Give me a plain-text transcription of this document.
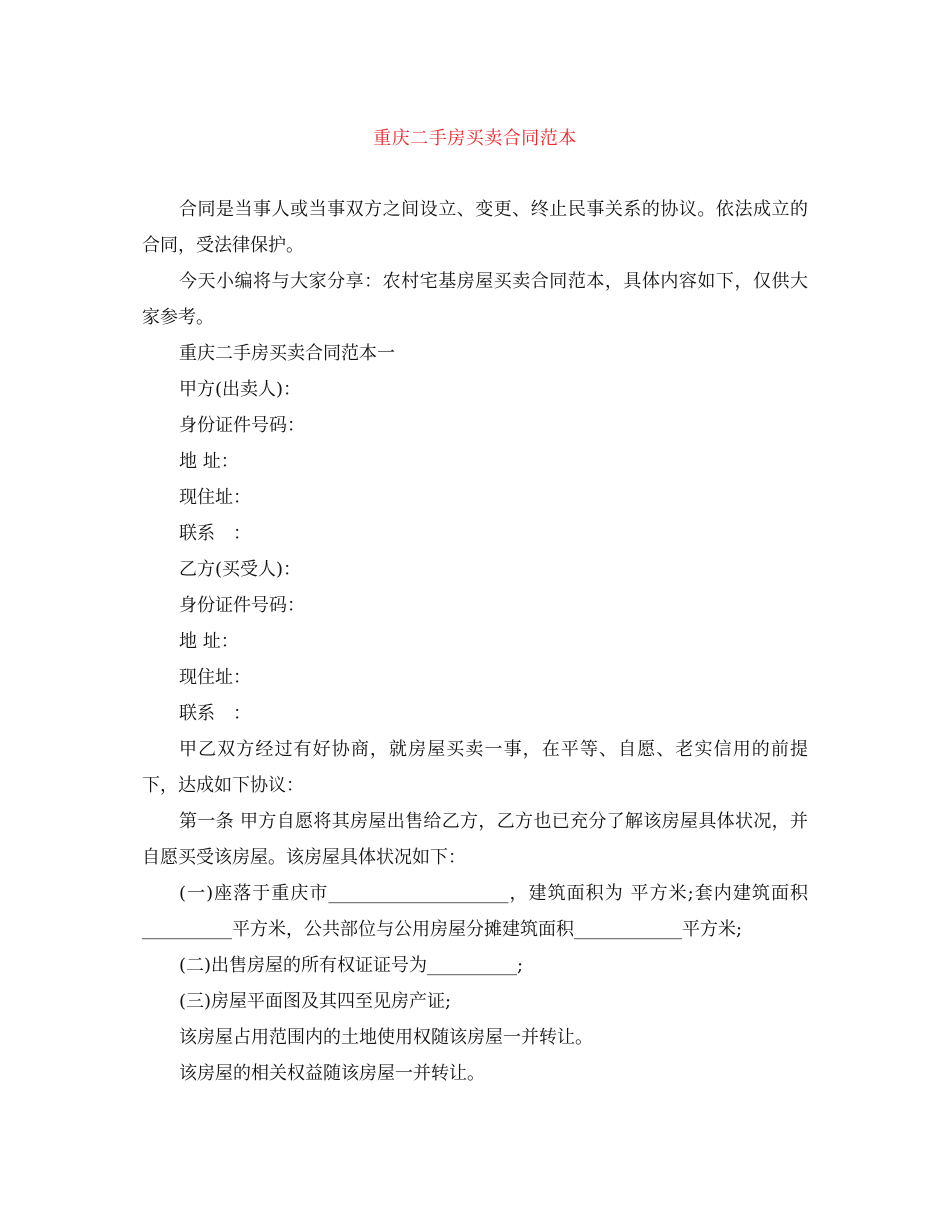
重庆二手房买卖合同范本

合同是当事人或当事双方之间设立、变更、终止民事关系的协议。依法成立的合同，受法律保护。

今天小编将与大家分享：农村宅基房屋买卖合同范本，具体内容如下，仅供大家参考。

重庆二手房买卖合同范本一

甲方(出卖人)：

身份证件号码：

地 址：

现住址：

联系　：

乙方(买受人)：

身份证件号码：

地 址：

现住址：

联系　：

甲乙双方经过有好协商，就房屋买卖一事，在平等、自愿、老实信用的前提下，达成如下协议：

第一条 甲方自愿将其房屋出售给乙方，乙方也已充分了解该房屋具体状况，并自愿买受该房屋。该房屋具体状况如下：

(一)座落于重庆市____________________，建筑面积为 平方米;套内建筑面积__________平方米，公共部位与公用房屋分摊建筑面积____________平方米;

(二)出售房屋的所有权证证号为__________;

(三)房屋平面图及其四至见房产证;

该房屋占用范围内的土地使用权随该房屋一并转让。

该房屋的相关权益随该房屋一并转让。
